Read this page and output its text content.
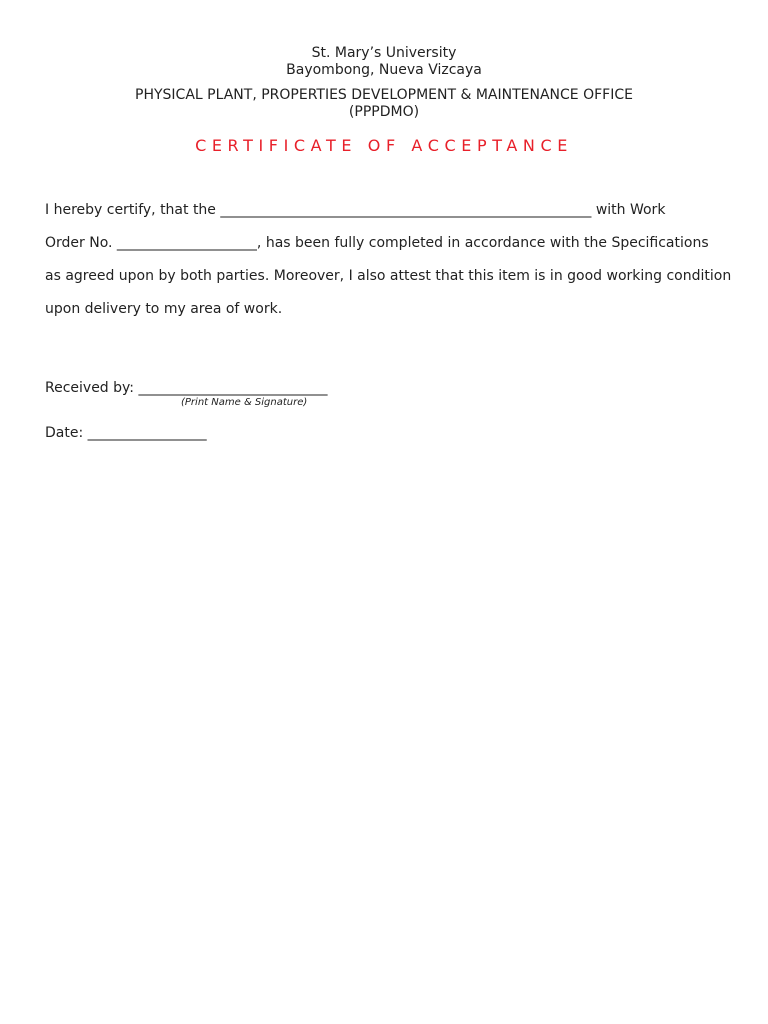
St. Mary’s University
Bayombong, Nueva Vizcaya
PHYSICAL PLANT, PROPERTIES DEVELOPMENT & MAINTENANCE OFFICE
(PPPDMO)
CERTIFICATE OF ACCEPTANCE
I hereby certify, that the _____________________________________________________ with Work
Order No. ____________________, has been fully completed in accordance with the Specifications
as agreed upon by both parties. Moreover, I also attest that this item is in good working condition
upon delivery to my area of work.
Received by: ___________________________
(Print Name & Signature)
Date: _________________
